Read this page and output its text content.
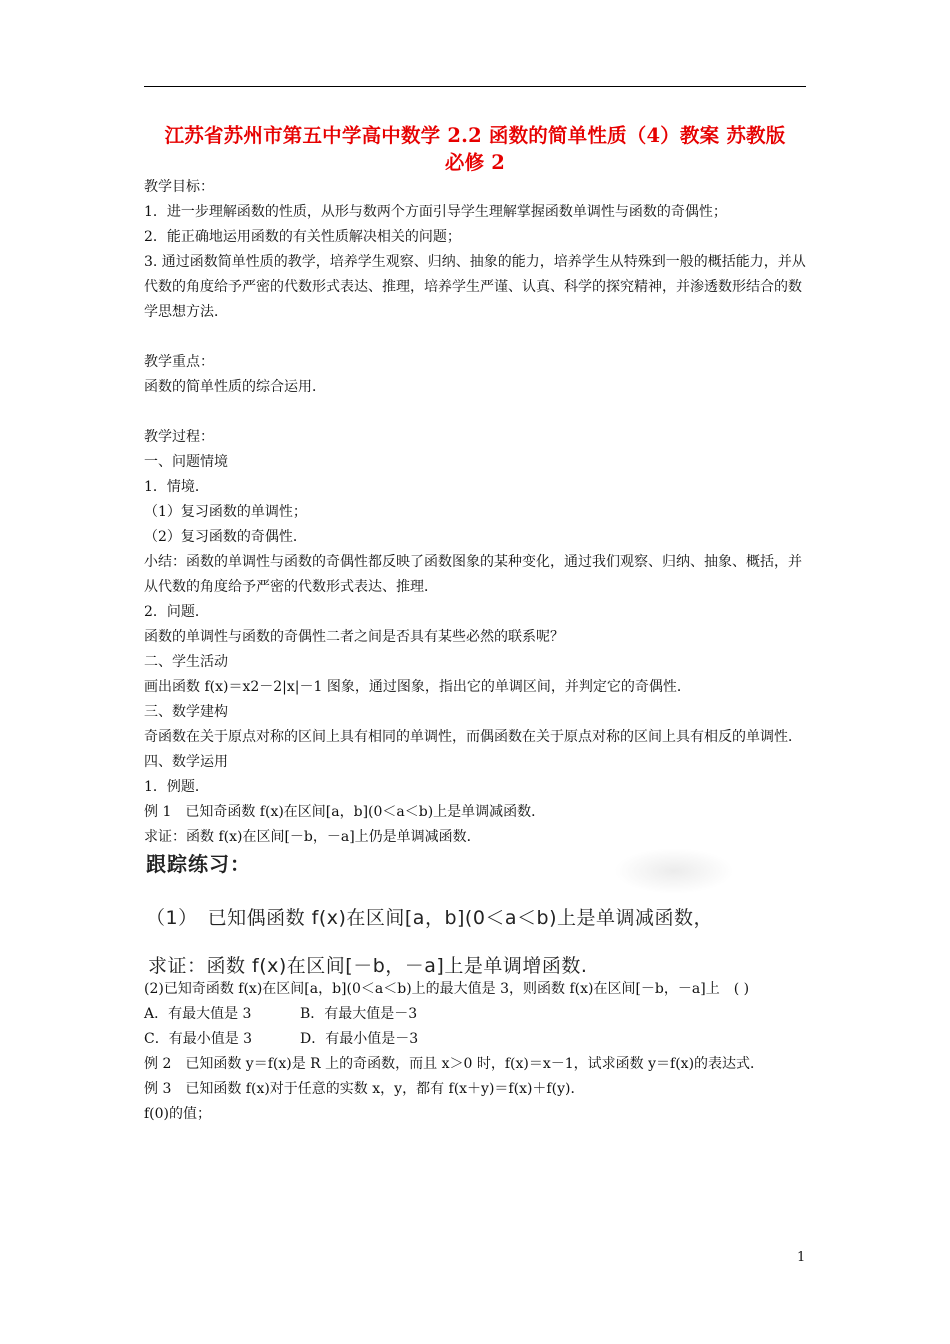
江苏省苏州市第五中学高中数学 2.2 函数的简单性质（4）教案 苏教版
必修 2

教学目标：

1．进一步理解函数的性质，从形与数两个方面引导学生理解掌握函数单调性与函数的奇偶性；

2．能正确地运用函数的有关性质解决相关的问题；

3. 通过函数简单性质的教学，培养学生观察、归纳、抽象的能力，培养学生从特殊到一般的概括能力，并从代数的角度给予严密的代数形式表达、推理，培养学生严谨、认真、科学的探究精神，并渗透数形结合的数学思想方法．

教学重点：

函数的简单性质的综合运用．

教学过程：

一、问题情境

1．情境．

（1）复习函数的单调性；

（2）复习函数的奇偶性．

小结：函数的单调性与函数的奇偶性都反映了函数图象的某种变化，通过我们观察、归纳、抽象、概括，并从代数的角度给予严密的代数形式表达、推理．

2．问题．

函数的单调性与函数的奇偶性二者之间是否具有某些必然的联系呢？

二、学生活动

画出函数 f(x)＝x2－2|x|－1 图象，通过图象，指出它的单调区间，并判定它的奇偶性．

三、数学建构

奇函数在关于原点对称的区间上具有相同的单调性，而偶函数在关于原点对称的区间上具有相反的单调性．

四、数学运用

1．例题．

例 1　已知奇函数 f(x)在区间[a，b](0＜a＜b)上是单调减函数．

求证：函数 f(x)在区间[－b，－a]上仍是单调减函数．

跟踪练习：
（1）　已知偶函数 f(x)在区间[a，b](0＜a＜b)上是单调减函数，
求证：函数 f(x)在区间[－b，－a]上是单调增函数.

(2)已知奇函数 f(x)在区间[a，b](0＜a＜b)上的最大值是 3，则函数 f(x)在区间[－b，－a]上　( )

A．有最大值是 3	B．有最大值是－3

C．有最小值是 3	D．有最小值是－3

例 2　已知函数 y＝f(x)是 R 上的奇函数，而且 x＞0 时，f(x)＝x－1，试求函数 y＝f(x)的表达式．

例 3　已知函数 f(x)对于任意的实数 x，y，都有 f(x＋y)＝f(x)＋f(y)．

f(0)的值；

1
